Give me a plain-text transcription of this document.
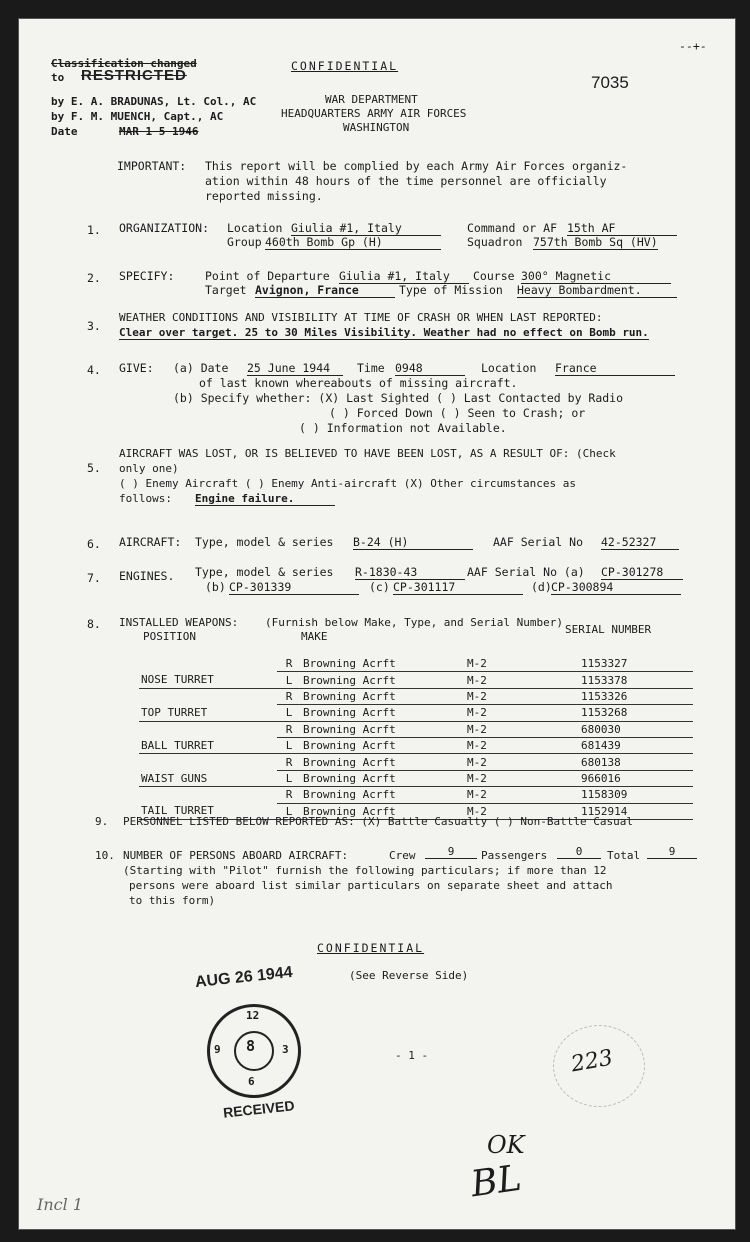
Classification changed
to RESTRICTED
by E. A. BRADUNAS, Lt. Col., AC
by F. M. MUENCH, Capt., AC
Date	MAR 1 5 1946
CONFIDENTIAL
7035
WAR DEPARTMENT
HEADQUARTERS ARMY AIR FORCES
WASHINGTON
--+-
IMPORTANT: This report will be complied by each Army Air Forces organiz-
ation within 48 hours of the time personnel are officially
reported missing.
1. ORGANIZATION: Location Giulia #1, Italy	Command or AF 15th AF
Group 460th Bomb Gp (H)	Squadron 757th Bomb Sq (HV)
2. SPECIFY:	Point of Departure Giulia #1, Italy	Course 300° Magnetic
Target Avignon, France	Type of Mission Heavy Bombardment.
3.
WEATHER CONDITIONS AND VISIBILITY AT TIME OF CRASH OR WHEN LAST REPORTED:
Clear over target. 25 to 30 Miles Visibility. Weather had no effect on Bomb run.
4. GIVE: (a) Date 25 June 1944	Time 0948	Location France
of last known whereabouts of missing aircraft.
(b) Specify whether: (X) Last Sighted ( ) Last Contacted by Radio
( ) Forced Down ( ) Seen to Crash; or
( ) Information not Available.
5.
AIRCRAFT WAS LOST, OR IS BELIEVED TO HAVE BEEN LOST, AS A RESULT OF: (Check
only one)
( ) Enemy Aircraft ( ) Enemy Anti-aircraft (X) Other circumstances as
follows: Engine failure.
6. AIRCRAFT: Type, model & series B-24 (H)	AAF Serial No 42-52327
7. ENGINES. Type, model & series R-1830-43	AAF Serial No (a) CP-301278
(b) CP-301339	(c) CP-301117	(d) CP-300894
8. INSTALLED WEAPONS: (Furnish below Make, Type, and Serial Number)
POSITION	MAKE
SERIAL NUMBER
	R	Browning Acrft	M-2	1153327
NOSE TURRET	L	Browning Acrft	M-2	1153378
	R	Browning Acrft	M-2	1153326
TOP TURRET	L	Browning Acrft	M-2	1153268
	R	Browning Acrft	M-2	680030
BALL TURRET	L	Browning Acrft	M-2	681439
	R	Browning Acrft	M-2	680138
WAIST GUNS	L	Browning Acrft	M-2	966016
	R	Browning Acrft	M-2	1158309
TAIL TURRET	L	Browning Acrft	M-2	1152914
9. PERSONNEL LISTED BELOW REPORTED AS: (X) Battle Casualty ( ) Non-Battle Casual
10. NUMBER OF PERSONS ABOARD AIRCRAFT:	Crew	9	Passengers	0	Total	9
(Starting with "Pilot" furnish the following particulars; if more than 12
persons were aboard list similar particulars on separate sheet and attach
to this form)
CONFIDENTIAL
(See Reverse Side)
AUG 26 1944
8
12
9	3
6
RECEIVED
- 1 -	223
OK
BL
Incl 1
